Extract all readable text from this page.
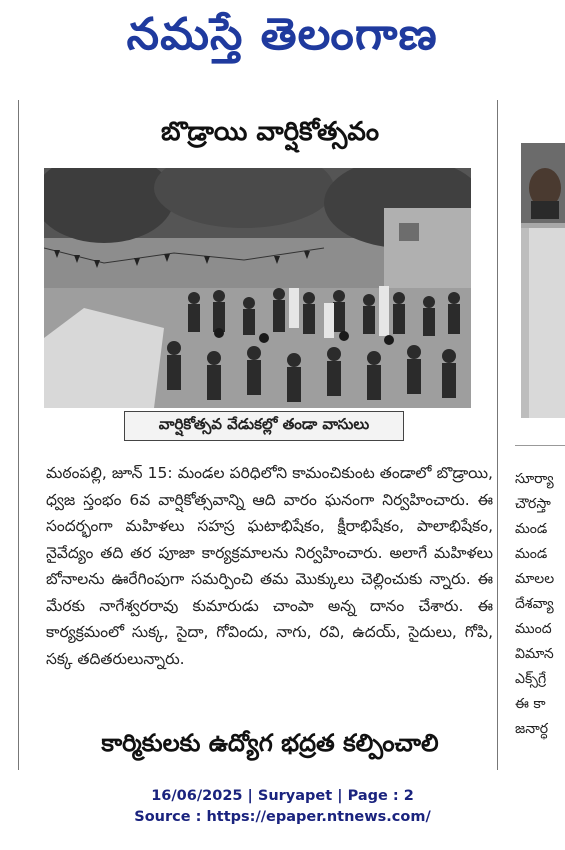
నమస్తే తెలంగాణ
బొడ్రాయి వార్షికోత్సవం
వార్షికోత్సవ వేడుకల్లో తండా వాసులు
మఠంపల్లి, జూన్ 15: మండల పరిధిలోని కామంచికుంట తండాలో బొడ్రాయి, ధ్వజ స్తంభం 6వ వార్షికోత్సవాన్ని ఆది వారం ఘనంగా నిర్వహించారు. ఈ సందర్భంగా మహిళలు సహస్ర ఘటాభిషేకం, క్షీరాభిషేకం, పాలాభిషేకం, నైవేద్యం తది తర పూజా కార్యక్రమాలను నిర్వహించారు. అలాగే మహిళలు బోనాలను ఊరేగింపుగా సమర్పించి తమ మొక్కులు చెల్లించుకు న్నారు. ఈ మేరకు నాగేశ్వరరావు కుమారుడు చాంపా అన్న దానం చేశారు. ఈ కార్యక్రమంలో సుక్క, సైదా, గోవిందు, నాగు, రవి, ఉదయ్, సైదులు, గోపి, సక్క తదితరులున్నారు.
కార్మికులకు ఉద్యోగ భద్రత కల్పించాలి
సూర్యా
చౌరస్తా
మండ
మండ
మాలల
దేశవ్యా
ముంద
విమాన
ఎక్స్‌గ్రే
ఈ కా
జనార్ధ
16/06/2025 | Suryapet | Page : 2
Source : https://epaper.ntnews.com/
